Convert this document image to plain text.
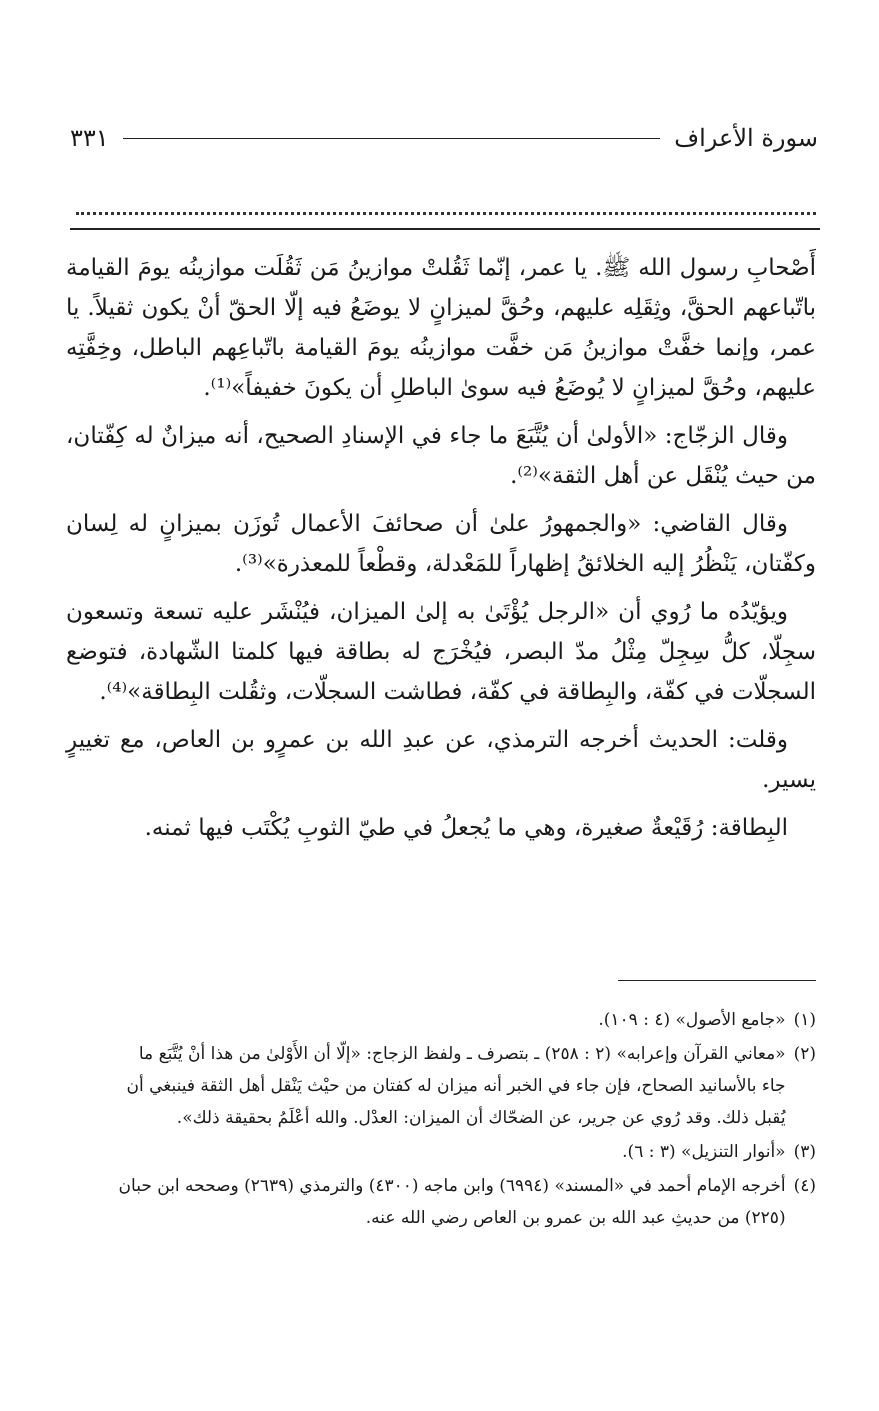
سورة الأعراف
٣٣١

أَصْحابِ رسول الله ﷺ. يا عمر، إنّما ثَقُلتْ موازينُ مَن ثَقُلَت موازينُه يومَ القيامة باتّباعهم الحقَّ، وثِقَلِه عليهم، وحُقَّ لميزانٍ لا يوضَعُ فيه إلّا الحقّ أنْ يكون ثقيلاً. يا عمر، وإنما خفَّتْ موازينُ مَن خفَّت موازينُه يومَ القيامة باتّباعِهم الباطل، وخِفَّتِه عليهم، وحُقَّ لميزانٍ لا يُوضَعُ فيه سوىٰ الباطلِ أن يكونَ خفيفاً»⁽¹⁾.

وقال الزجّاج: «الأولىٰ أن يُتَّبَعَ ما جاء في الإسنادِ الصحيح، أنه ميزانٌ له كِفّتان، من حيث يُنْقَل عن أهل الثقة»⁽²⁾.

وقال القاضي: «والجمهورُ علىٰ أن صحائفَ الأعمال تُوزَن بميزانٍ له لِسان وكفّتان، يَنْظُرُ إليه الخلائقُ إظهاراً للمَعْدلة، وقطْعاً للمعذرة»⁽³⁾.

ويؤيّدُه ما رُوي أن «الرجل يُؤْتَىٰ به إلىٰ الميزان، فيُنْشَر عليه تسعة وتسعون سجِلّا، كلُّ سِجِلّ مِثْلُ مدّ البصر، فيُخْرَج له بطاقة فيها كلمتا الشّهادة، فتوضع السجلّات في كفّة، والبِطاقة في كفّة، فطاشت السجلّات، وثقُلت البِطاقة»⁽⁴⁾.

وقلت: الحديث أخرجه الترمذي، عن عبدِ الله بن عمرٍو بن العاص، مع تغييرٍ يسير.

البِطاقة: رُقَيْعةٌ صغيرة، وهي ما يُجعلُ في طيّ الثوبِ يُكْتَب فيها ثمنه.

(١)
«جامع الأصول» (٤ : ١٠٩).
(٢)
«معاني القرآن وإعرابه» (٢ : ٢٥٨) ـ بتصرف ـ ولفظ الزجاج: «إلّا أن الأَوْلىٰ من هذا أنْ يُتَّبَع ما
جاء بالأسانيد الصحاح، فإن جاء في الخبر أنه ميزان له كفتان من حيْث يَنْقل أهل الثقة فينبغي أن
يُقبل ذلك. وقد رُوي عن جرير، عن الضحّاك أن الميزان: العدْل. والله أعْلَمُ بحقيقة ذلك».
(٣)
«أنوار التنزيل» (٣ : ٦).
(٤)
أخرجه الإمام أحمد في «المسند» (٦٩٩٤) وابن ماجه (٤٣٠٠) والترمذي (٢٦٣٩) وصححه ابن حبان
(٢٢٥) من حديثِ عبد الله بن عمرو بن العاص رضي الله عنه.
